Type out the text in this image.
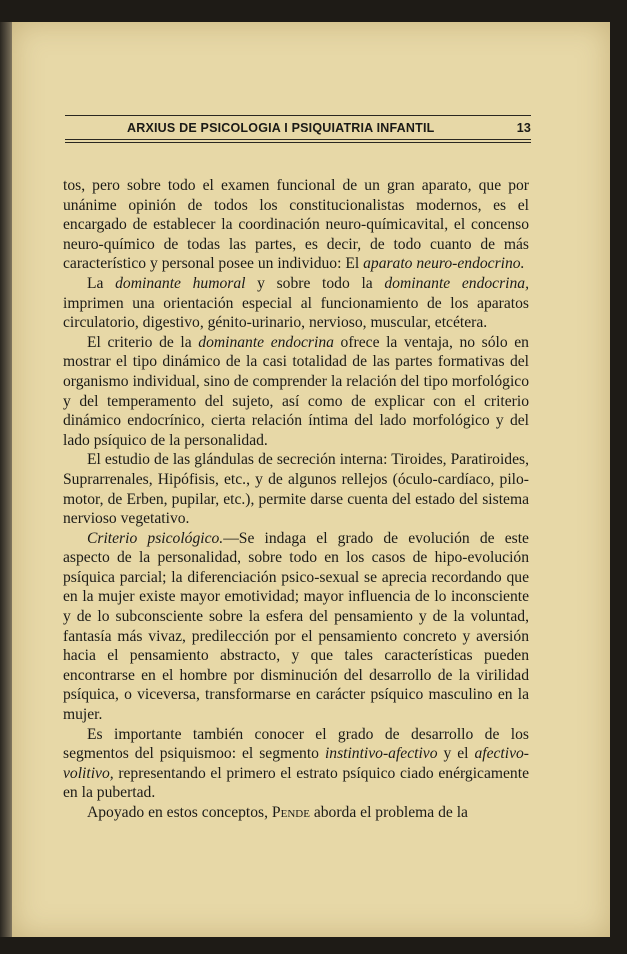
ARXIUS DE PSICOLOGIA I PSIQUIATRIA INFANTIL	13

tos, pero sobre todo el examen funcional de un gran aparato, que por unánime opinión de todos los constitucionalistas modernos, es el encargado de establecer la coordinación neuro-químicavital, el concenso neuro-químico de todas las partes, es decir, de todo cuanto de más característico y personal posee un individuo: El aparato neuro-endocrino.

La dominante humoral y sobre todo la dominante endocrina, imprimen una orientación especial al funcionamiento de los aparatos circulatorio, digestivo, génito-urinario, nervioso, muscular, etcétera.

El criterio de la dominante endocrina ofrece la ventaja, no sólo en mostrar el tipo dinámico de la casi totalidad de las partes formativas del organismo individual, sino de comprender la relación del tipo morfológico y del temperamento del sujeto, así como de explicar con el criterio dinámico endocrínico, cierta relación íntima del lado morfológico y del lado psíquico de la personalidad.

El estudio de las glándulas de secreción interna: Tiroides, Paratiroides, Suprarrenales, Hipófisis, etc., y de algunos rellejos (óculo-cardíaco, pilo-motor, de Erben, pupilar, etc.), permite darse cuenta del estado del sistema nervioso vegetativo.

Criterio psicológico.—Se indaga el grado de evolución de este aspecto de la personalidad, sobre todo en los casos de hipo-evolución psíquica parcial; la diferenciación psico-sexual se aprecia recordando que en la mujer existe mayor emotividad; mayor influencia de lo inconsciente y de lo subconsciente sobre la esfera del pensamiento y de la voluntad, fantasía más vivaz, predilección por el pensamiento concreto y aversión hacia el pensamiento abstracto, y que tales características pueden encontrarse en el hombre por disminución del desarrollo de la virilidad psíquica, o viceversa, transformarse en carácter psíquico masculino en la mujer.

Es importante también conocer el grado de desarrollo de los segmentos del psiquismoo: el segmento instintivo-afectivo y el afectivo-volitivo, representando el primero el estrato psíquico ciado enérgicamente en la pubertad.

Apoyado en estos conceptos, Pende aborda el problema de la
